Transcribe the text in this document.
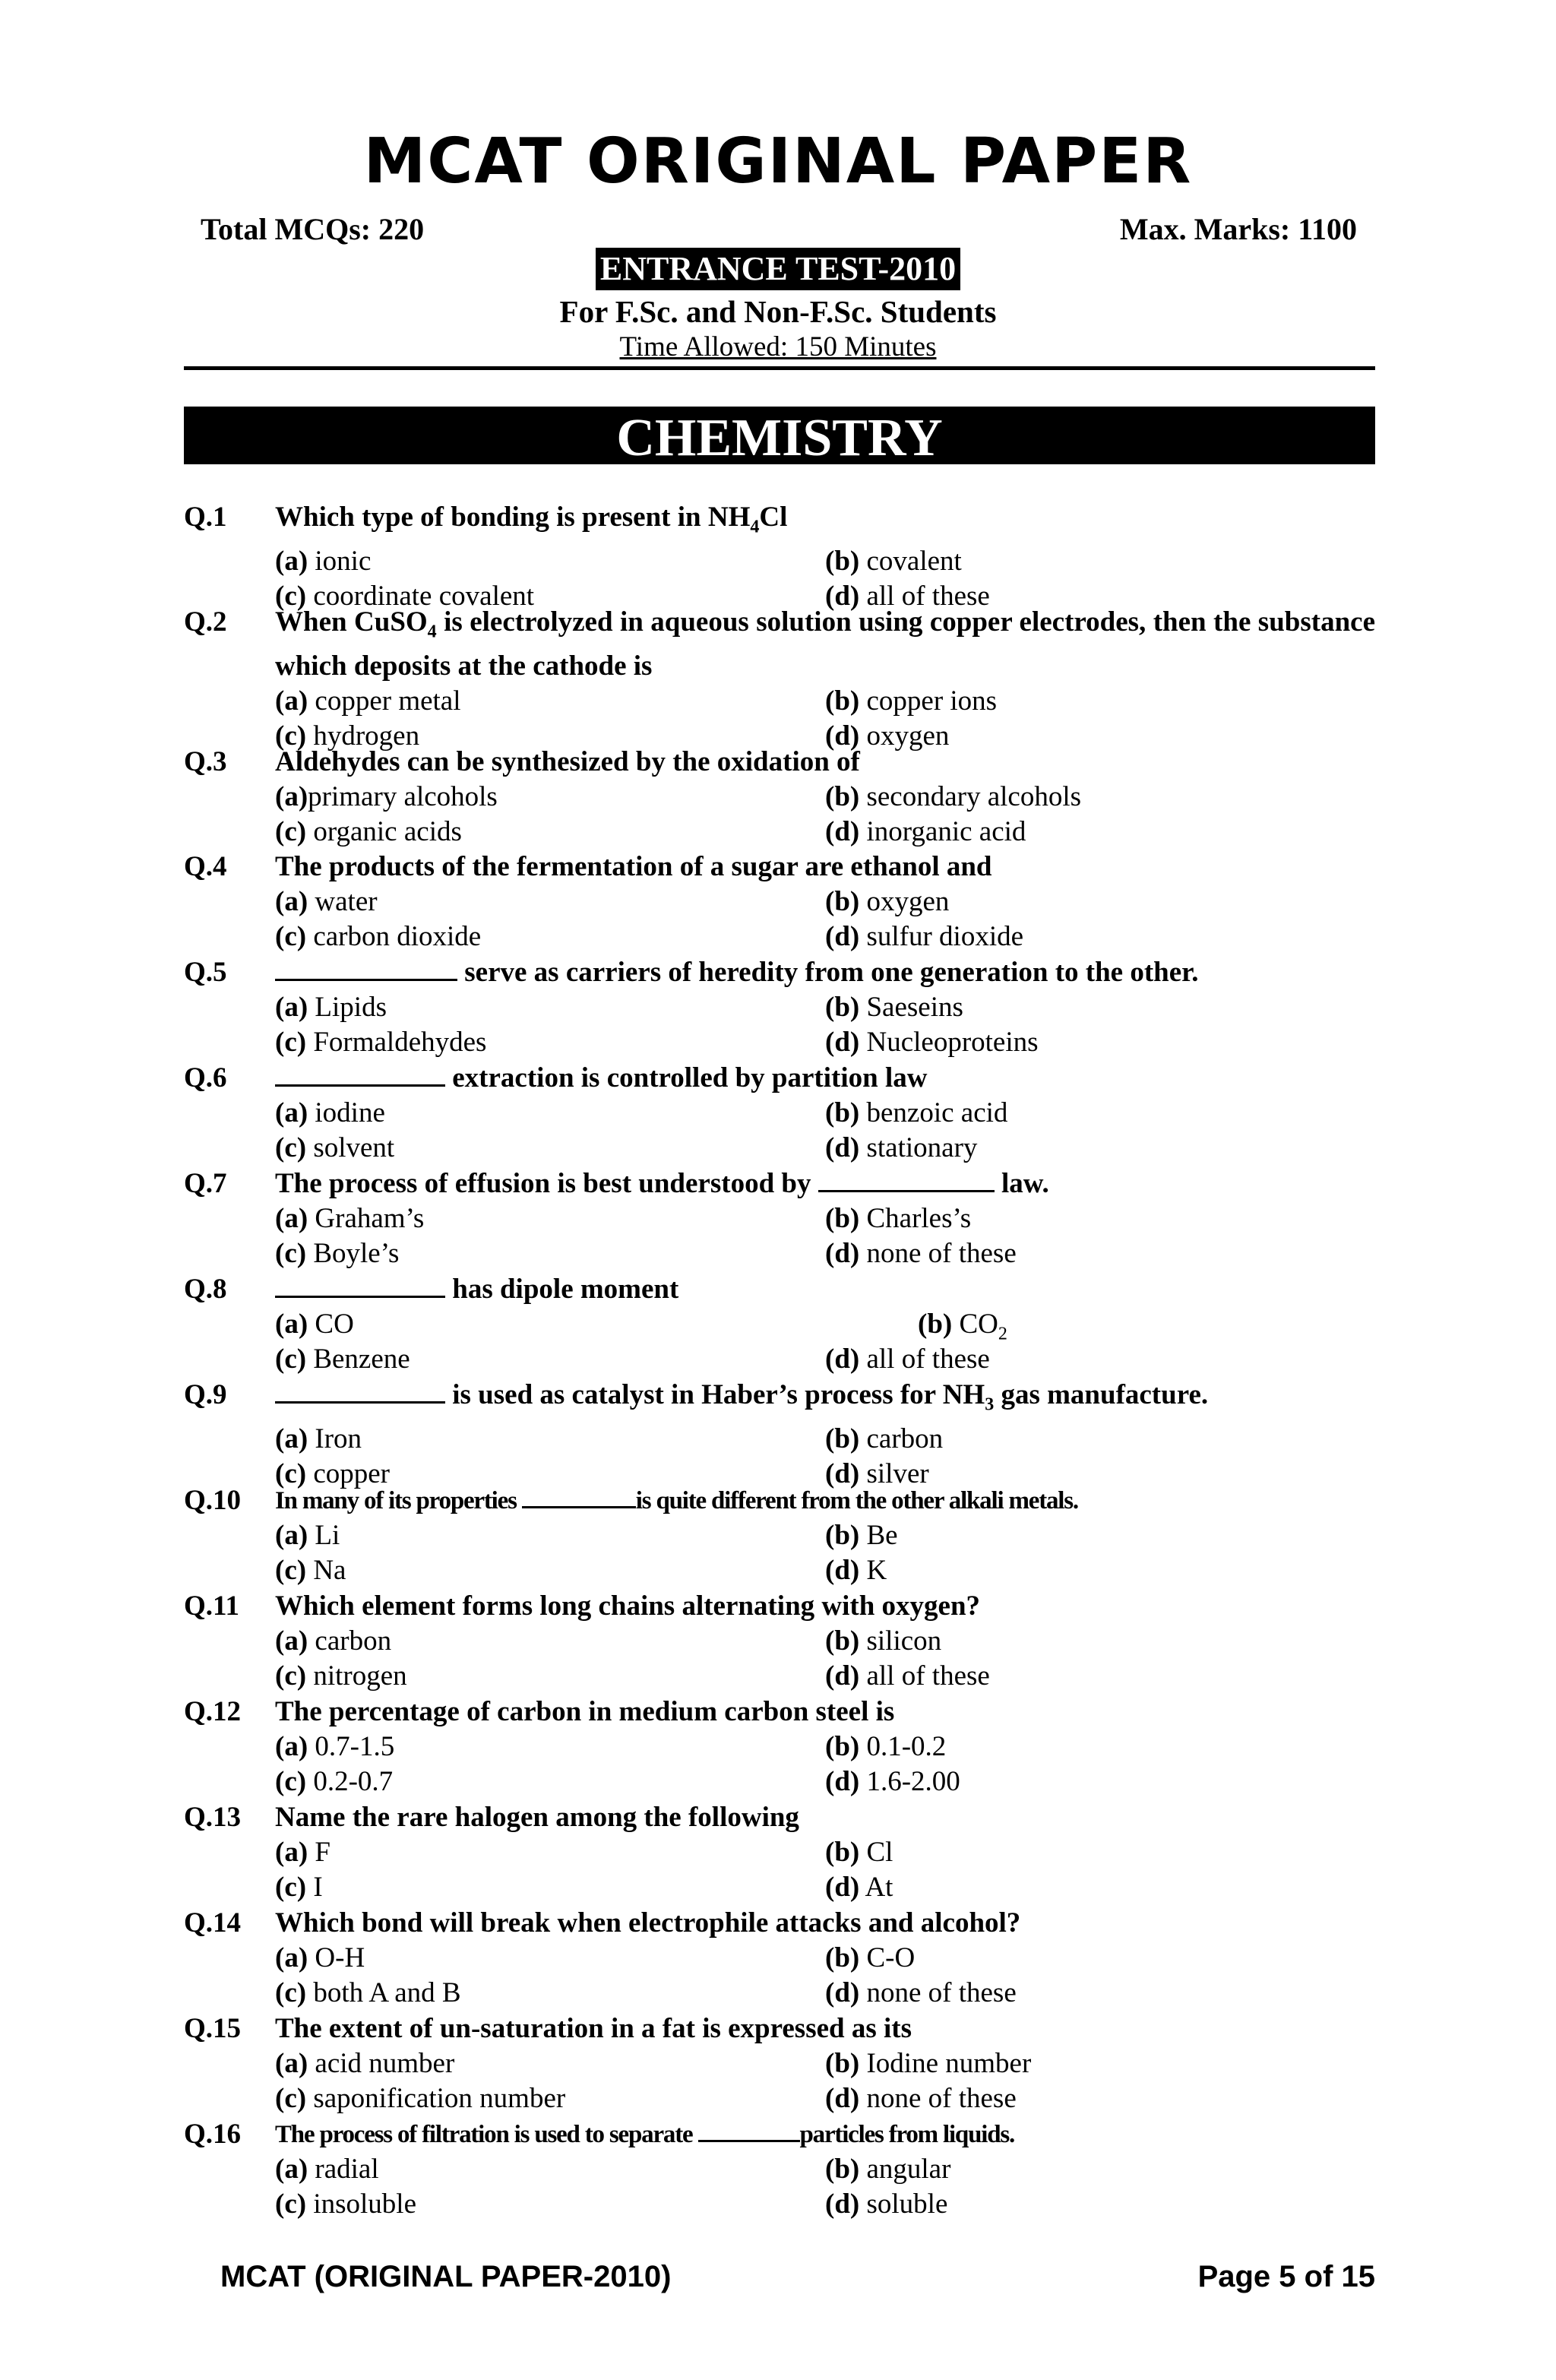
MCAT ORIGINAL PAPER
Total MCQs: 220	Max. Marks: 1100
ENTRANCE TEST-2010
For F.Sc. and Non-F.Sc. Students
Time Allowed: 150 Minutes
CHEMISTRY
Q.1 Which type of bonding is present in $NH_4Cl$
(a) ionic	(b) covalent
(c) coordinate covalent	(d) all of these
Q.2 When CuSO$_4$ is electrolyzed in aqueous solution using copper electrodes, then the substance which deposits at the cathode is
(a) copper metal	(b) copper ions
(c) hydrogen	(d) oxygen
Q.3 Aldehydes can be synthesized by the oxidation of
(a)primary alcohols	(b) secondary alcohols
(c) organic acids	(d) inorganic acid
Q.4 The products of the fermentation of a sugar are ethanol and
(a) water	(b) oxygen
(c) carbon dioxide	(d) sulfur dioxide
Q.5	serve as carriers of heredity from one generation to the other.
(a) Lipids	(b) Saeseins
(c) Formaldehydes	(d) Nucleoproteins
Q.6	extraction is controlled by partition law
(a) iodine	(b) benzoic acid
(c) solvent	(d) stationary
Q.7 The process of effusion is best understood by	law.
(a) Graham’s	(b) Charles’s
(c) Boyle’s	(d) none of these
Q.8	has dipole moment
(a) CO	(b) $CO_2$
(c) Benzene	(d) all of these
Q.9	is used as catalyst in Haber’s process for $NH_3$ gas manufacture.
(a) Iron	(b) carbon
(c) copper	(d) silver
Q.10 In many of its properties	is quite different from the other alkali metals.
(a) Li	(b) Be
(c) Na	(d) K
Q.11 Which element forms long chains alternating with oxygen?
(a) carbon	(b) silicon
(c) nitrogen	(d) all of these
Q.12 The percentage of carbon in medium carbon steel is
(a) 0.7-1.5	(b) 0.1-0.2
(c) 0.2-0.7	(d) 1.6-2.00
Q.13 Name the rare halogen among the following
(a) F	(b) Cl
(c) I	(d) At
Q.14 Which bond will break when electrophile attacks and alcohol?
(a) O-H	(b) C-O
(c) both A and B	(d) none of these
Q.15 The extent of un-saturation in a fat is expressed as its
(a) acid number	(b) Iodine number
(c) saponification number	(d) none of these
Q.16 The process of filtration is used to separate	particles from liquids.
(a) radial	(b) angular
(c) insoluble	(d) soluble
MCAT (ORIGINAL PAPER-2010)	Page 5 of 15
